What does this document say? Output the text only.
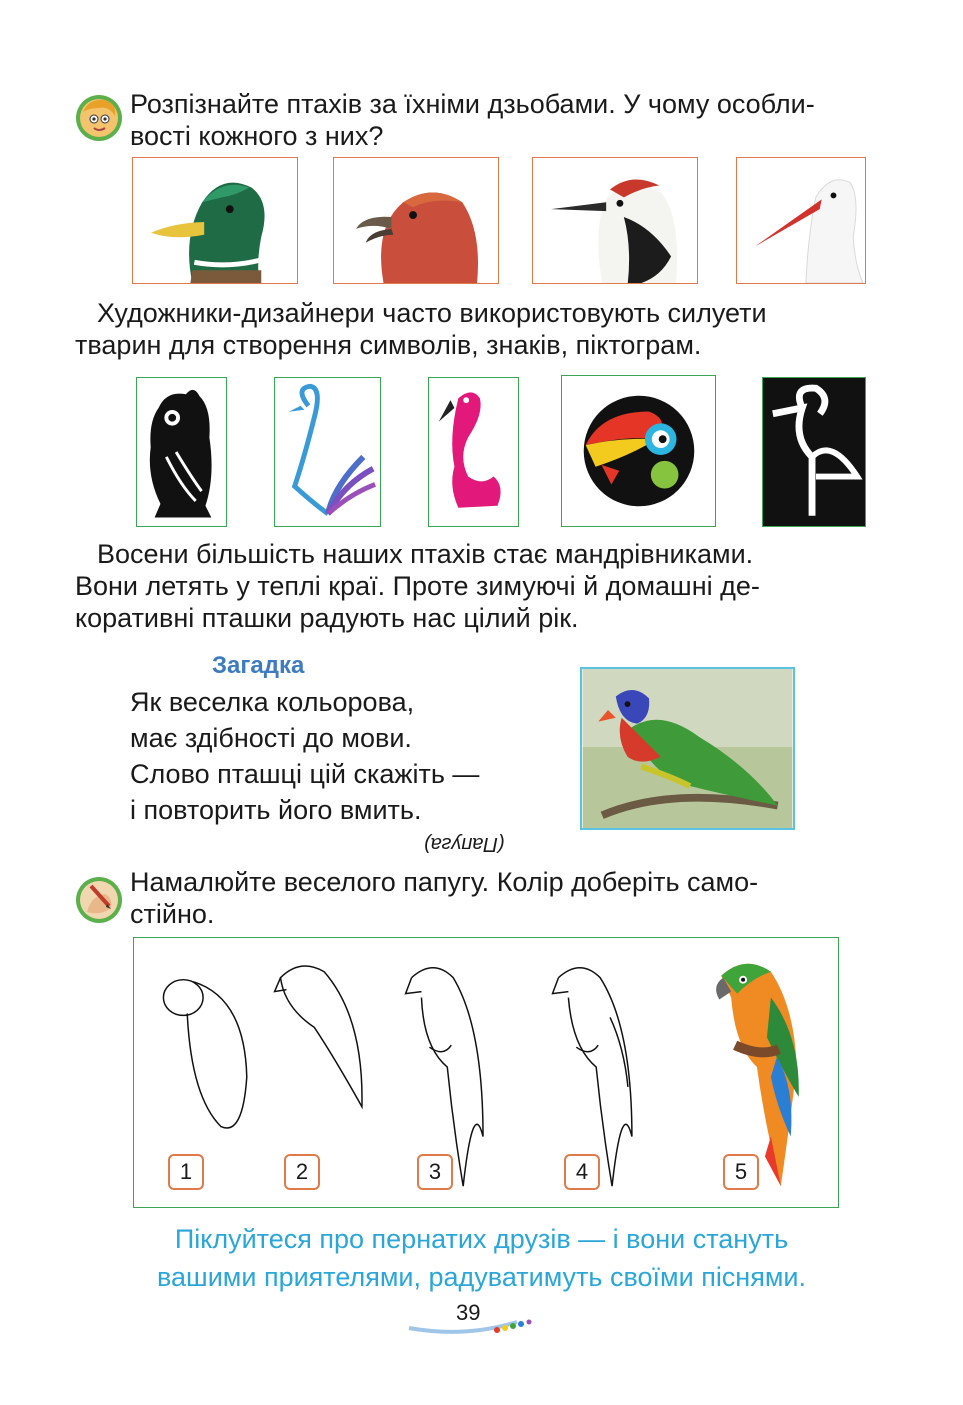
Розпізнайте птахів за їхніми дзьобами. У чому особли-
вості кожного з них?
Художники-дизайнери часто використовують силуети
тварин для створення символів, знаків, піктограм.
Восени більшість наших птахів стає мандрівниками.
Вони летять у теплі краї. Проте зимуючі й домашні де-
коративні пташки радують нас цілий рік.
Загадка
Як веселка кольорова,
має здібності до мови.
Слово пташці цій скажіть —
і повторить його вмить.
(Папуга)
Намалюйте веселого папугу. Колір доберіть само-
стійно.
1	2	3	4	5
Піклуйтеся про пернатих друзів — і вони стануть
вашими приятелями, радуватимуть своїми піснями.
39
